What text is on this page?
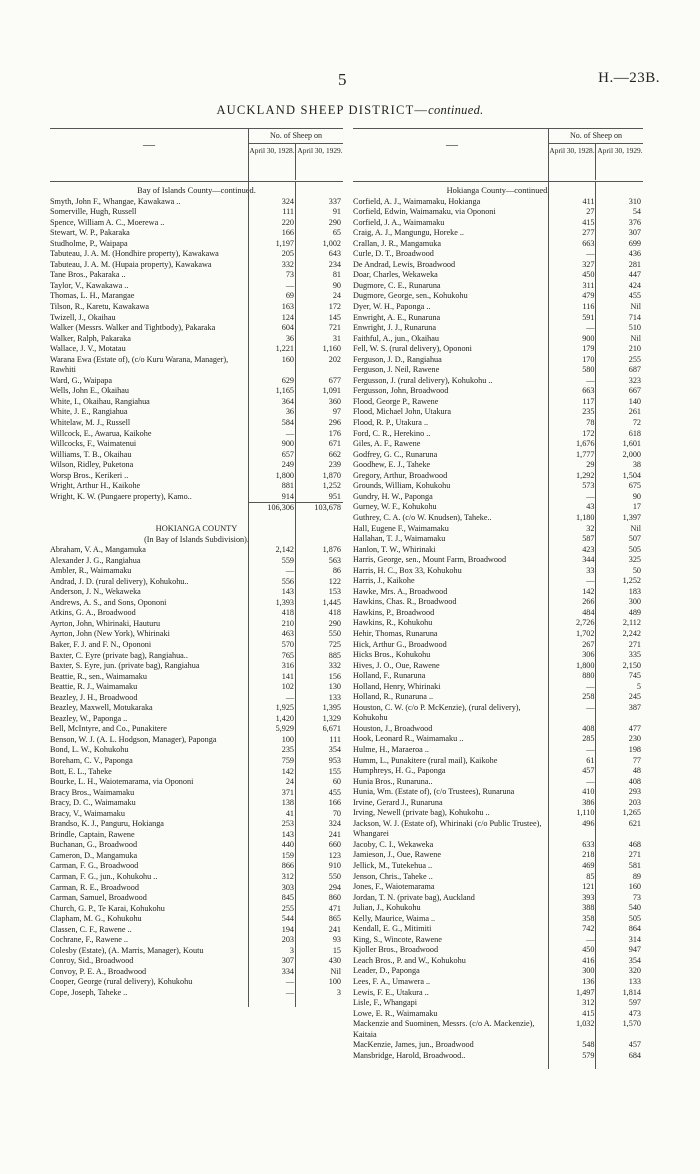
5	H.—23B.
AUCKLAND SHEEP DISTRICT—continued.
—
No. of Sheep on
April 30, 1928. April 30, 1929.
Bay of Islands County—continued.
Smyth, John F., Whangae, Kawakawa ..	324	337
Somerville, Hugh, Russell	111	91
Spence, William A. C., Moerewa ..	220	290
Stewart, W. P., Pakaraka	166	65
Studholme, P., Waipapa	1,197	1,002
Tabuteau, J. A. M. (Hondhire property), Kawakawa	205	643
Tabuteau, J. A. M. (Hupaia property), Kawakawa	332	234
Tane Bros., Pakaraka ..	73	81
Taylor, V., Kawakawa ..	—	90
Thomas, L. H., Marangae	69	24
Tilson, R., Karetu, Kawakawa	163	172
Twizell, J., Okaihau	124	145
Walker (Messrs. Walker and Tightbody), Pakaraka	604	721
Walker, Ralph, Pakaraka	36	31
Wallace, J. V., Motatau	1,221	1,160
Warana Ewa (Estate of), (c/o Kuru Warana, Manager), Rawhiti
160	202
Ward, G., Waipapa	629	677
Wells, John E., Okaihau	1,165	1,091
White, I., Okaihau, Rangiahua	364	360
White, J. E., Rangiahua	36	97
Whitelaw, M. J., Russell	584	296
Willcock, E., Awarua, Kaikohe	—	176
Willcocks, F., Waimatenui	900	671
Williams, T. B., Okaihau	657	662
Wilson, Ridley, Puketona	249	239
Worsp Bros., Kerikeri ..	1,800	1,870
Wright, Arthur H., Kaikohe	881	1,252
Wright, K. W. (Pungaere property), Kamo..	914	951
106,306	103,678
HOKIANGA COUNTY
(In Bay of Islands Subdivision).
Abraham, V. A., Mangamuka	2,142	1,876
Alexander J. G., Rangiahua	559	563
Ambler, R., Waimamaku	—	86
Andrad, J. D. (rural delivery), Kohukohu..	556	122
Anderson, J. N., Wekaweka	143	153
Andrews, A. S., and Sons, Opononi	1,393	1,445
Atkins, G. A., Broadwood	418	418
Ayrton, John, Whirinaki, Hauturu	210	290
Ayrton, John (New York), Whirinaki	463	550
Baker, F. J. and F. N., Opononi	570	725
Baxter, C. Eyre (private bag), Rangiahua..	765	885
Baxter, S. Eyre, jun. (private bag), Rangiahua	316	332
Beattie, R., sen., Waimamaku	141	156
Beattie, R. J., Waimamaku	102	130
Beazley, J. H., Broadwood	—	133
Beazley, Maxwell, Motukaraka	1,925	1,395
Beazley, W., Paponga ..	1,420	1,329
Bell, McIntyre, and Co., Punakitere	5,929	6,671
Benson, W. J. (A. L. Hodgson, Manager), Paponga	100	111
Bond, L. W., Kohukohu	235	354
Boreham, C. V., Paponga	759	953
Bott, E. L., Taheke	142	155
Bourke, L. H., Waiotemarama, via Opononi	24	60
Bracy Bros., Waimamaku	371	455
Bracy, D. C., Waimamaku	138	166
Bracy, V., Waimamaku	41	70
Brandso, K. J., Panguru, Hokianga	253	324
Brindle, Captain, Rawene	143	241
Buchanan, G., Broadwood	440	660
Cameron, D., Mangamuka	159	123
Carman, F. G., Broadwood	866	910
Carman, F. G., jun., Kohukohu ..	312	550
Carman, R. E., Broadwood	303	294
Carman, Samuel, Broadwood	845	860
Church, G. P., Te Karai, Kohukohu	255	471
Clapham, M. G., Kohukohu	544	865
Classen, C. F., Rawene ..	194	241
Cochrane, F., Rawene ..	203	93
Colesby (Estate), (A. Marris, Manager), Koutu	3	15
Conroy, Sid., Broadwood	307	430
Convoy, P. E. A., Broadwood	334	Nil
Cooper, George (rural delivery), Kohukohu	—	100
Cope, Joseph, Taheke ..	—	3
—
No. of Sheep on
April 30, 1928. April 30, 1929.
Hokianga County—continued.
Corfield, A. J., Waimamaku, Hokianga	411	310
Corfield, Edwin, Waimamaku, via Opononi	27	54
Corfield, J. A., Waimamaku	415	376
Craig, A. J., Mangungu, Horeke ..	277	307
Crallan, J. R., Mangamuka	663	699
Curle, D. T., Broadwood	—	436
De Andrad, Lewis, Broadwood	327	281
Doar, Charles, Wekaweka	450	447
Dugmore, C. E., Runaruna	311	424
Dugmore, George, sen., Kohukohu	479	455
Dyer, W. H., Paponga ..	116	Nil
Enwright, A. E., Runaruna	591	714
Enwright, J. J., Runaruna	—	510
Faithful, A., jun., Okaihau	900	Nil
Fell, W. S. (rural delivery), Opononi	179	210
Ferguson, J. D., Rangiahua	170	255
Ferguson, J. Neil, Rawene	580	687
Fergusson, J. (rural delivery), Kohukohu ..	—	323
Fergusson, John, Broadwood	663	667
Flood, George P., Rawene	117	140
Flood, Michael John, Utakura	235	261
Flood, R. P., Utakura ..	78	72
Ford, C. R., Herekino ..	172	618
Giles, A. F., Rawene	1,676	1,601
Godfrey, G. C., Runaruna	1,777	2,000
Goodhew, E. J., Taheke	29	38
Gregory, Arthur, Broadwood	1,292	1,504
Grounds, William, Kohukohu	573	675
Gundry, H. W., Paponga	—	90
Gurney, W. F., Kohukohu	43	17
Guthrey, C. A. (c/o W. Knudsen), Taheke..	1,180	1,397
Hall, Eugene F., Waimamaku	32	Nil
Hallahan, T. J., Waimamaku	587	507
Hanlon, T. W., Whirinaki	423	505
Harris, George, sen., Mount Farm, Broadwood	344	325
Harris, H. C., Box 33, Kohukohu	33	50
Harris, J., Kaikohe	—	1,252
Hawke, Mrs. A., Broadwood	142	183
Hawkins, Chas. R., Broadwood	266	300
Hawkins, P., Broadwood	484	489
Hawkins, R., Kohukohu	2,726	2,112
Hehir, Thomas, Runaruna	1,702	2,242
Hick, Arthur G., Broadwood	267	271
Hicks Bros., Kohukohu	306	335
Hives, J. O., Oue, Rawene	1,800	2,150
Holland, F., Runaruna	880	745
Holland, Henry, Whirinaki	—	5
Holland, R., Runaruna ..	258	245
Houston, C. W. (c/o P. McKenzie), (rural delivery), Kohukohu
—	387
Houston, J., Broadwood	408	477
Hook, Leonard R., Waimamaku ..	285	230
Hulme, H., Maraeroa ..	—	198
Humm, L., Punakitere (rural mail), Kaikohe	61	77
Humphreys, H. G., Paponga	457	48
Hunia Bros., Runaruna..	—	408
Hunia, Wm. (Estate of), (c/o Trustees), Runaruna	410	293
Irvine, Gerard J., Runaruna	386	203
Irving, Newell (private bag), Kohukohu ..	1,110	1,265
Jackson, W. J. (Estate of), Whirinaki (c/o Public Trustee), Whangarei
496	621
Jacoby, C. I., Wekaweka	633	468
Jamieson, J., Oue, Rawene	218	271
Jellick, M., Tutekehua ..	469	581
Jenson, Chris., Taheke ..	85	89
Jones, F., Waiotemarama	121	160
Jordan, T. N. (private bag), Auckland	393	73
Julian, J., Kohukohu	388	540
Kelly, Maurice, Waima ..	358	505
Kendall, E. G., Mitimiti	742	864
King, S., Wincote, Rawene	—	314
Kjoller Bros., Broadwood	450	947
Leach Bros., P. and W., Kohukohu	416	354
Leader, D., Paponga	300	320
Lees, F. A., Umawera ..	136	133
Lewis, F. E., Utakura ..	1,497	1,814
Lisle, F., Whangapi	312	597
Lowe, E. R., Waimamaku	415	473
Mackenzie and Suominen, Messrs. (c/o A. Mackenzie), Kaitaia
1,032	1,570
MacKenzie, James, jun., Broadwood	548	457
Mansbridge, Harold, Broadwood..	579	684
